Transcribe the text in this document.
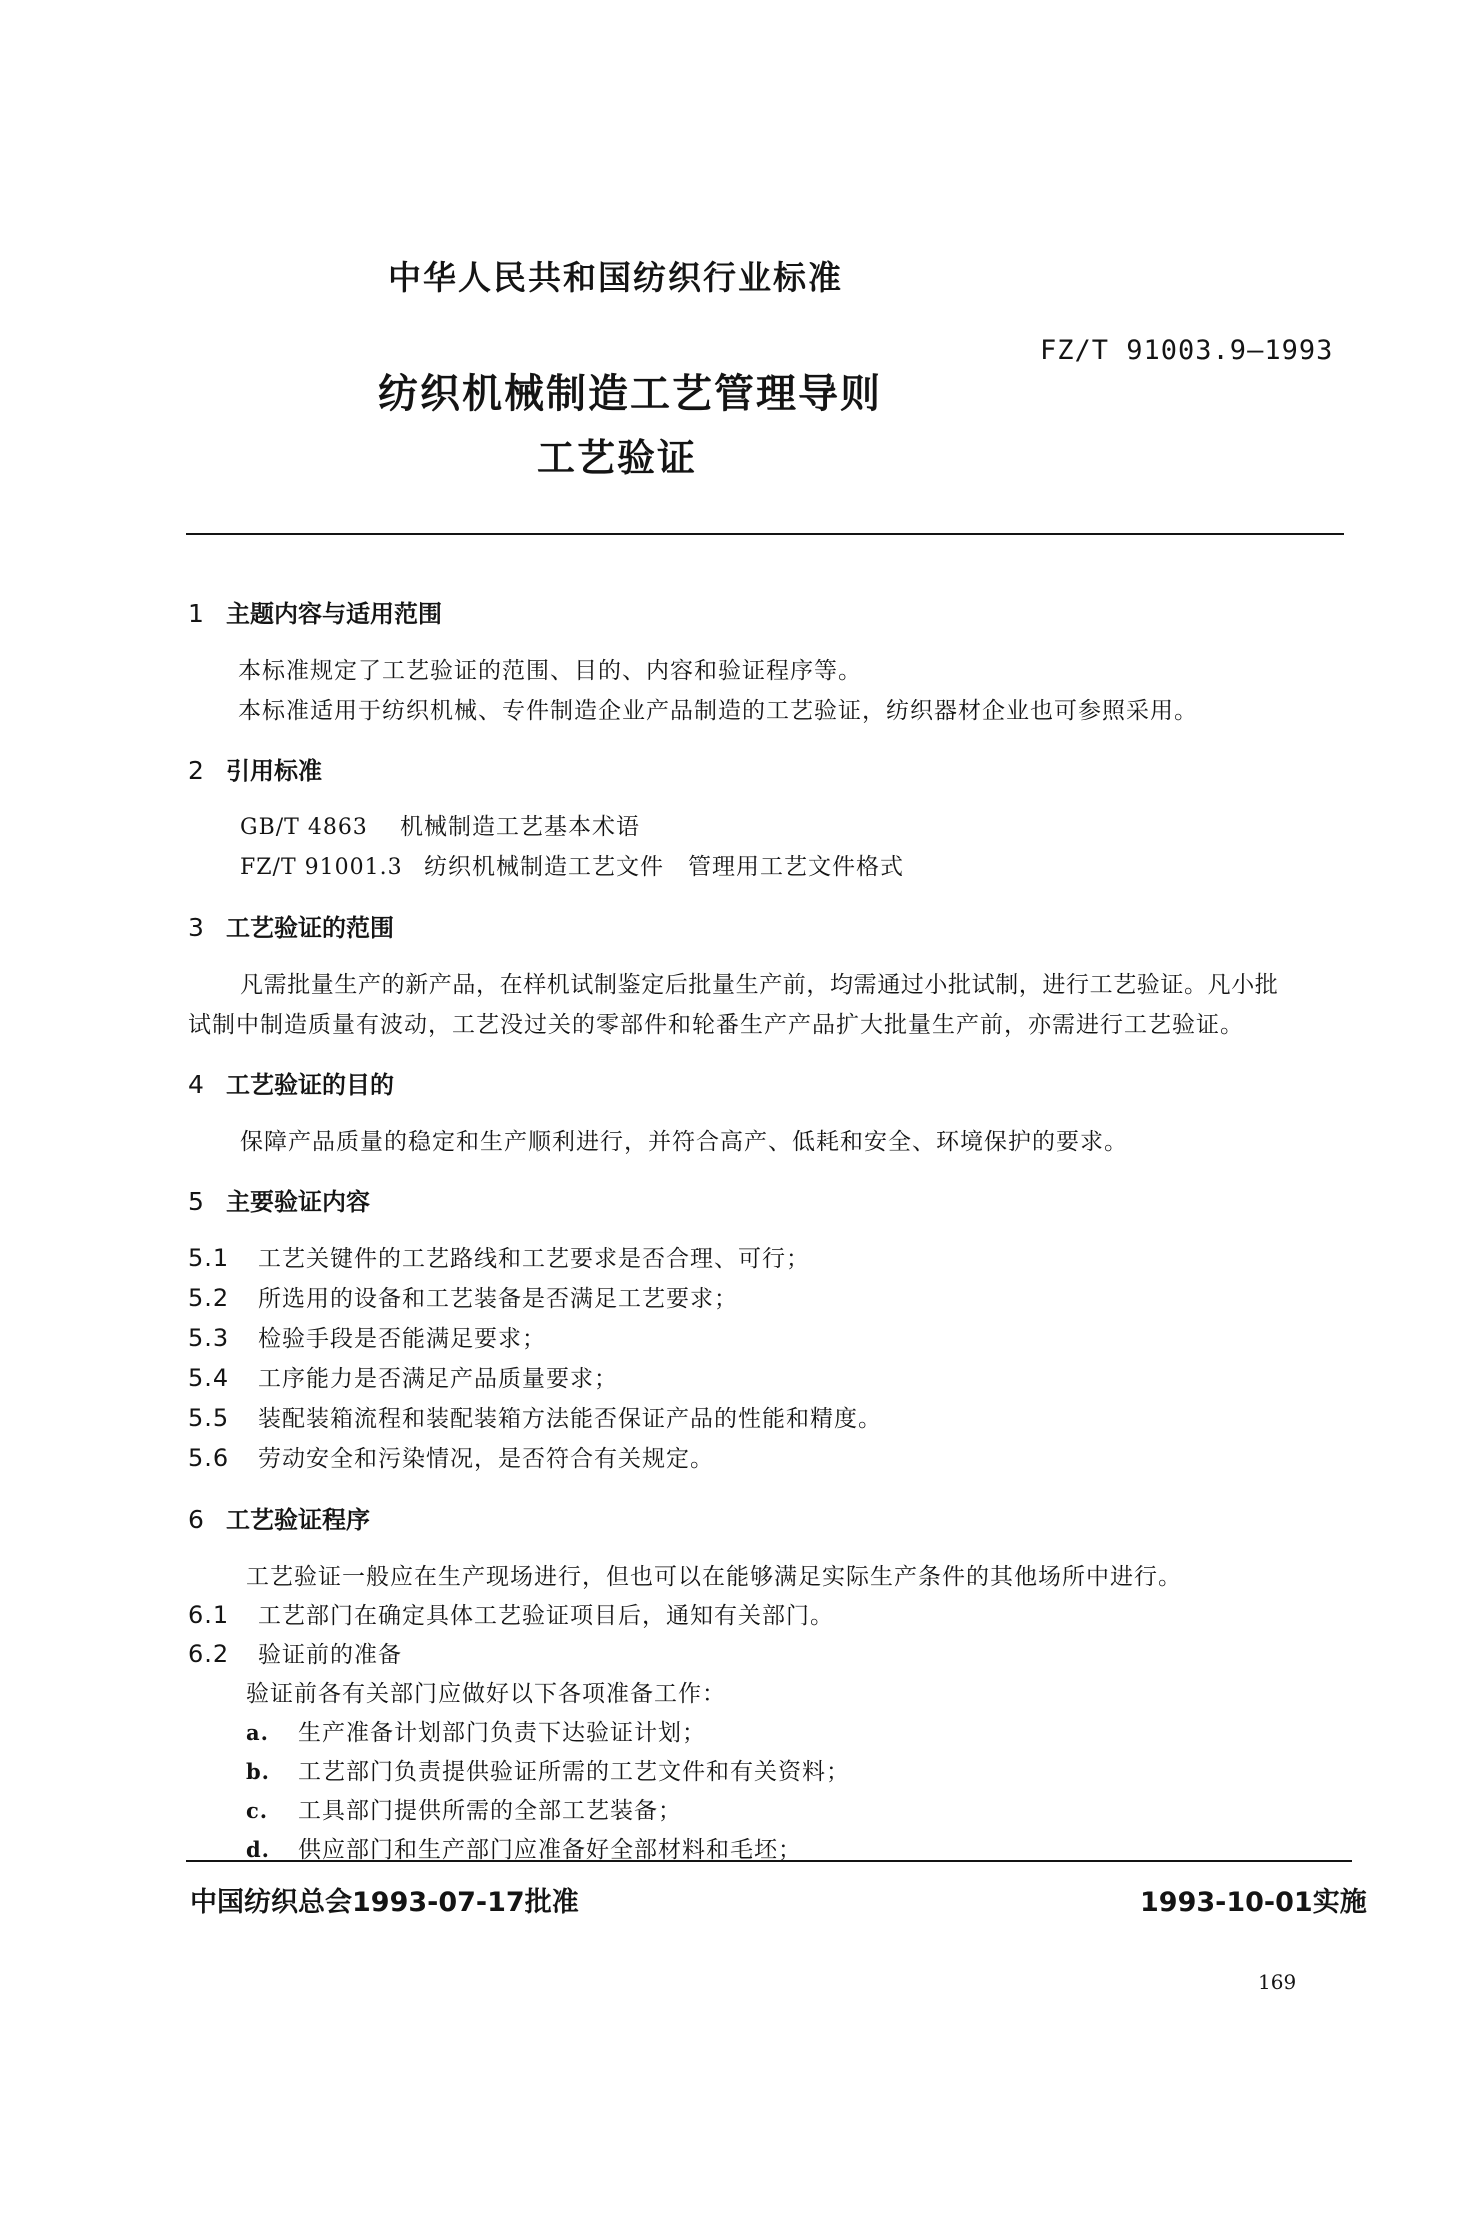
中华人民共和国纺织行业标准
FZ/T 91003.9—1993
纺织机械制造工艺管理导则
工艺验证
1 主题内容与适用范围
本标准规定了工艺验证的范围、目的、内容和验证程序等。
本标准适用于纺织机械、专件制造企业产品制造的工艺验证，纺织器材企业也可参照采用。
2 引用标准
GB/T 4863 机械制造工艺基本术语
FZ/T 91001.3 纺织机械制造工艺文件　管理用工艺文件格式
3 工艺验证的范围
凡需批量生产的新产品，在样机试制鉴定后批量生产前，均需通过小批试制，进行工艺验证。凡小批
试制中制造质量有波动，工艺没过关的零部件和轮番生产产品扩大批量生产前，亦需进行工艺验证。
4 工艺验证的目的
保障产品质量的稳定和生产顺利进行，并符合高产、低耗和安全、环境保护的要求。
5 主要验证内容
5.1 工艺关键件的工艺路线和工艺要求是否合理、可行；
5.2 所选用的设备和工艺装备是否满足工艺要求；
5.3 检验手段是否能满足要求；
5.4 工序能力是否满足产品质量要求；
5.5 装配装箱流程和装配装箱方法能否保证产品的性能和精度。
5.6 劳动安全和污染情况，是否符合有关规定。
6 工艺验证程序
工艺验证一般应在生产现场进行，但也可以在能够满足实际生产条件的其他场所中进行。
6.1 工艺部门在确定具体工艺验证项目后，通知有关部门。
6.2 验证前的准备
验证前各有关部门应做好以下各项准备工作：
a. 生产准备计划部门负责下达验证计划；
b. 工艺部门负责提供验证所需的工艺文件和有关资料；
c. 工具部门提供所需的全部工艺装备；
d. 供应部门和生产部门应准备好全部材料和毛坯；
中国纺织总会1993-07-17批准	1993-10-01实施
169
